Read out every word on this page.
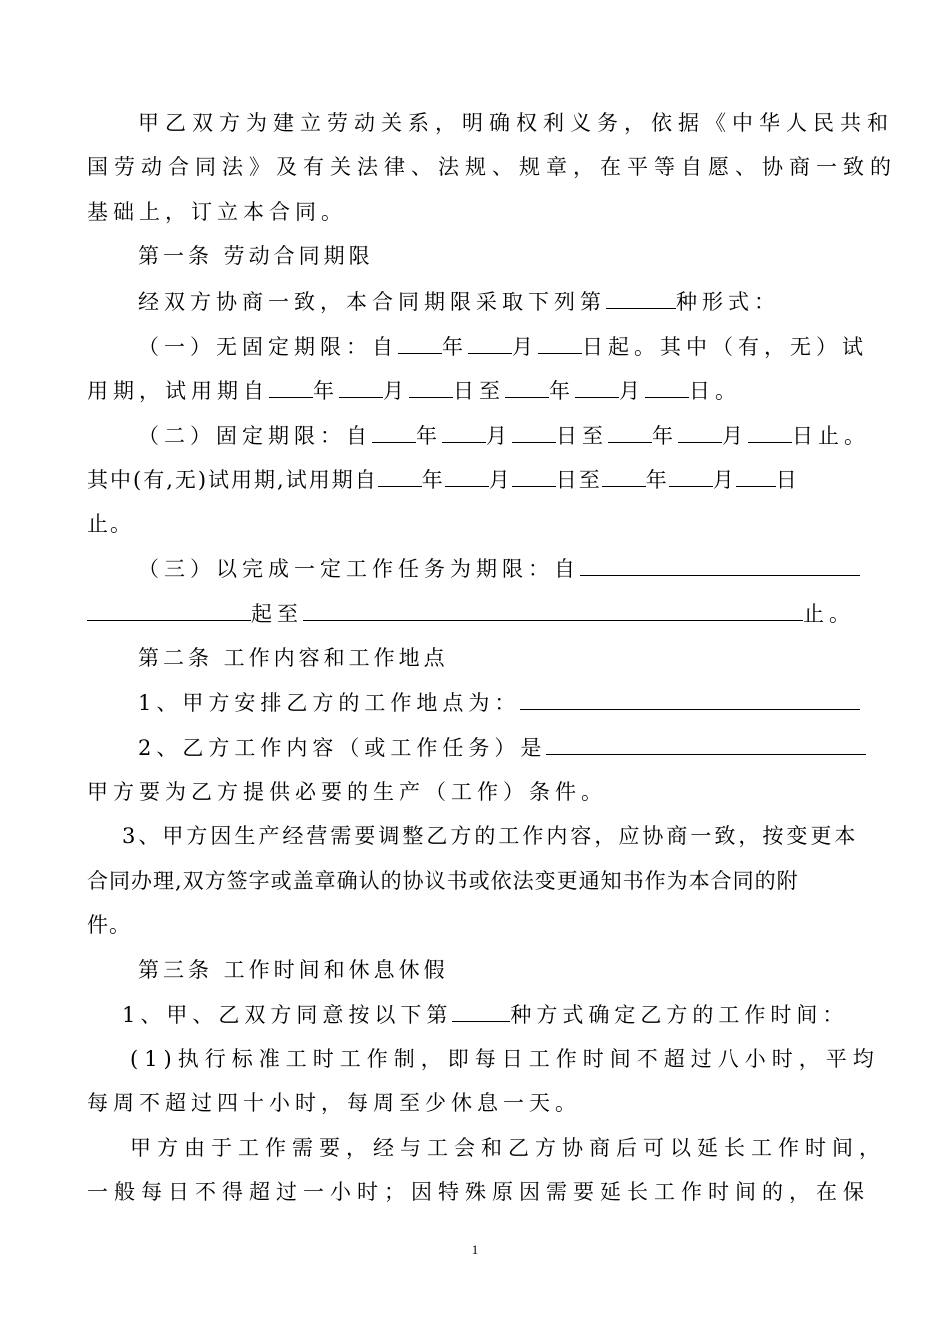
甲乙双方为建立劳动关系，明确权利义务，依据《中华人民共和
国劳动合同法》及有关法律、法规、规章，在平等自愿、协商一致的
基础上，订立本合同。
第一条 劳动合同期限
经双方协商一致，本合同期限采取下列第	种形式：
（一）无固定期限：自 年 月 日起。其中（有，无）试
用期，试用期自 年 月 日至 年 月 日。
（二）固定期限：自 年 月 日至 年 月 日止。
其中(有,无)试用期,试用期自 年 月 日至 年 月 日
止。
（三）以完成一定工作任务为期限：自
起至	止。
第二条 工作内容和工作地点
1、甲方安排乙方的工作地点为：
2、乙方工作内容（或工作任务）是
甲方要为乙方提供必要的生产（工作）条件。
3、甲方因生产经营需要调整乙方的工作内容，应协商一致，按变更本
合同办理,双方签字或盖章确认的协议书或依法变更通知书作为本合同的附
件。
第三条 工作时间和休息休假
1、甲、乙双方同意按以下第	种方式确定乙方的工作时间：
(1)执行标准工时工作制，即每日工作时间不超过八小时，平均
每周不超过四十小时，每周至少休息一天。
甲方由于工作需要，经与工会和乙方协商后可以延长工作时间，
一般每日不得超过一小时；因特殊原因需要延长工作时间的，在保
1
